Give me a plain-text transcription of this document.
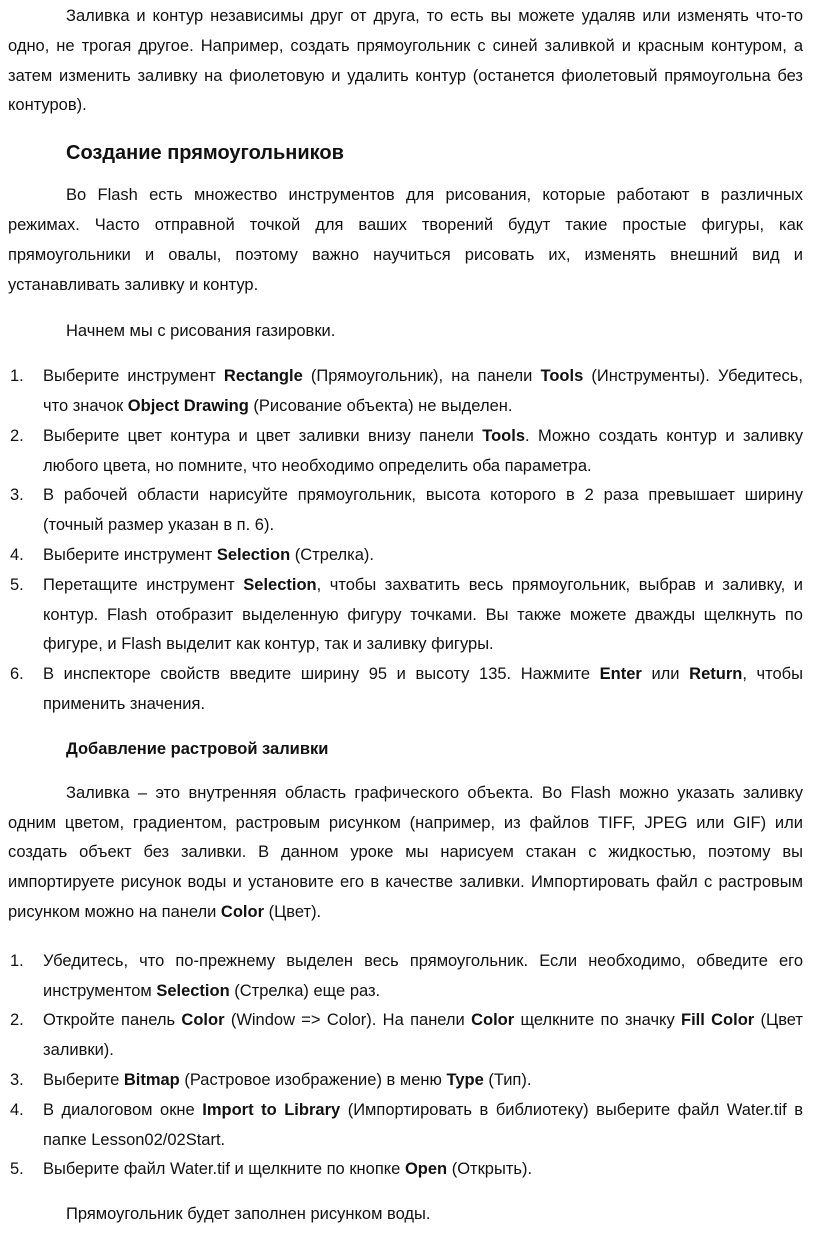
Заливка и контур независимы друг от друга, то есть вы можете удаляв или изменять что-то одно, не трогая другое. Например, создать прямоугольник с синей заливкой и красным контуром, а затем изменить заливку на фиолетовую и удалить контур (останется фиолетовый прямоугольна без контуров).

Создание прямоугольников

Во Flash есть множество инструментов для рисования, которые работают в различных режимах. Часто отправной точкой для ваших творений будут такие простые фигуры, как прямоугольники и овалы, поэтому важно научиться рисовать их, изменять внешний вид и устанавливать заливку и контур.

Начнем мы с рисования газировки.

1. Выберите инструмент Rectangle (Прямоугольник), на панели Tools (Инструменты). Убедитесь, что значок Object Drawing (Рисование объекта) не выделен.
2. Выберите цвет контура и цвет заливки внизу панели Tools. Можно создать контур и заливку любого цвета, но помните, что необходимо определить оба параметра.
3. В рабочей области нарисуйте прямоугольник, высота которого в 2 раза превышает ширину (точный размер указан в п. 6).
4. Выберите инструмент Selection (Стрелка).
5. Перетащите инструмент Selection, чтобы захватить весь прямоугольник, выбрав и заливку, и контур. Flash отобразит выделенную фигуру точками. Вы также можете дважды щелкнуть по фигуре, и Flash выделит как контур, так и заливку фигуры.
6. В инспекторе свойств введите ширину 95 и высоту 135. Нажмите Enter или Return, чтобы применить значения.
Добавление растровой заливки

Заливка – это внутренняя область графического объекта. Во Flash можно указать заливку одним цветом, градиентом, растровым рисунком (например, из файлов TIFF, JPEG или GIF) или создать объект без заливки. В данном уроке мы нарисуем стакан с жидкостью, поэтому вы импортируете рисунок воды и установите его в качестве заливки. Импортировать файл с растровым рисунком можно на панели Color (Цвет).

1. Убедитесь, что по-прежнему выделен весь прямоугольник. Если необходимо, обведите его инструментом Selection (Стрелка) еще раз.
2. Откройте панель Color (Window => Color). На панели Color щелкните по значку Fill Color (Цвет заливки).
3. Выберите Bitmap (Растровое изображение) в меню Type (Тип).
4. В диалоговом окне Import to Library (Импортировать в библиотеку) выберите файл Water.tif в папке Lesson02/02Start.
5. Выберите файл Water.tif и щелкните по кнопке Open (Открыть).

Прямоугольник будет заполнен рисунком воды.
